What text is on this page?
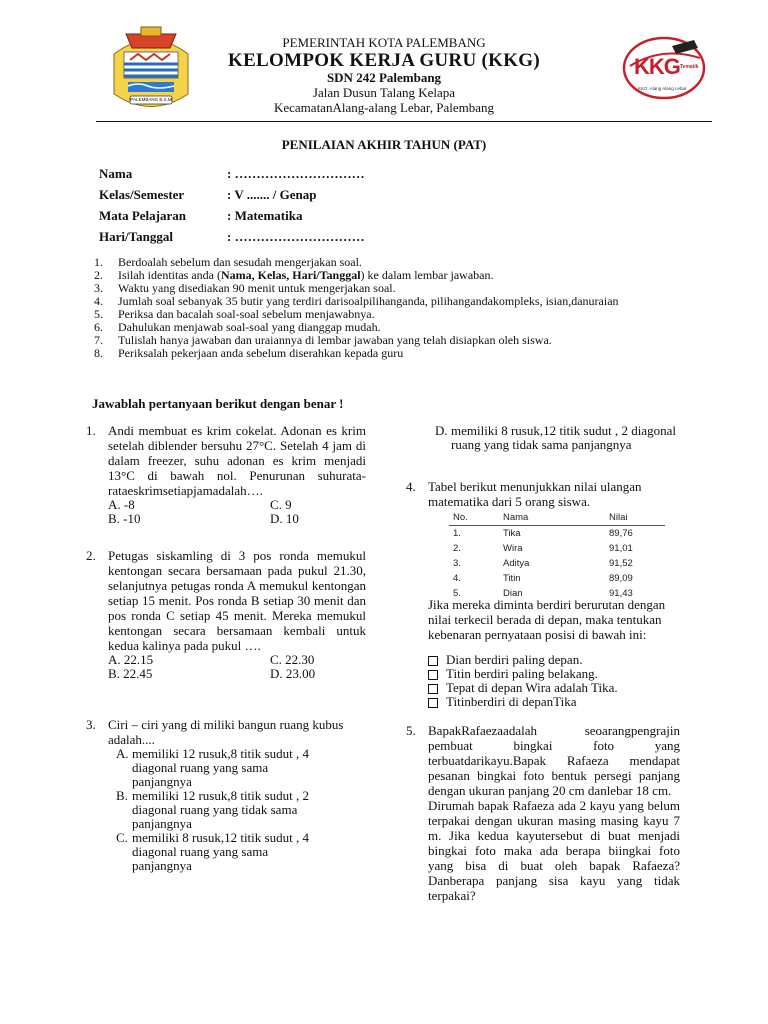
PALEMBANG B.S.M
PEMERINTAH KOTA PALEMBANG
KELOMPOK KERJA GURU (KKG)
SDN 242 Palembang
Jalan Dusun Talang Kelapa
KecamatanAlang-alang Lebar, Palembang
KKG Tematik
KKG. Alang Alang Lebar
PENILAIAN AKHIR TAHUN (PAT)
Nama	: …………………………
Kelas/Semester	: V ....... / Genap
Mata Pelajaran	: Matematika
Hari/Tanggal	: …………………………
1. Berdoalah sebelum dan sesudah mengerjakan soal.
2. Isilah identitas anda (Nama, Kelas, Hari/Tanggal) ke dalam lembar jawaban.
3. Waktu yang disediakan 90 menit untuk mengerjakan soal.
4. Jumlah soal sebanyak 35 butir yang terdiri darisoalpilihanganda, pilihangandakompleks, isian,danuraian
5. Periksa dan bacalah soal-soal sebelum menjawabnya.
6. Dahulukan menjawab soal-soal yang dianggap mudah.
7. Tulislah hanya jawaban dan uraiannya di lembar jawaban yang telah disiapkan oleh siswa.
8. Periksalah pekerjaan anda sebelum diserahkan kepada guru
Jawablah pertanyaan berikut dengan benar !
1. Andi membuat es krim cokelat. Adonan es krim setelah diblender bersuhu 27°C. Setelah 4 jam di dalam freezer, suhu adonan es krim menjadi 13°C di bawah nol. Penurunan suhurata-rataeskrimsetiapjamadalah….
A. -8	C. 9
B. -10	D. 10
2. Petugas siskamling di 3 pos ronda memukul kentongan secara bersamaan pada pukul 21.30, selanjutnya petugas ronda A memukul kentongan setiap 15 menit. Pos ronda B setiap 30 menit dan pos ronda C setiap 45 menit. Mereka memukul kentongan secara bersamaan kembali untuk kedua kalinya pada pukul ….
A. 22.15	C. 22.30
B. 22.45	D. 23.00
3. Ciri – ciri yang di miliki bangun ruang kubus adalah....
A. memiliki 12 rusuk,8 titik sudut , 4 diagonal ruang yang sama panjangnya
B. memiliki 12 rusuk,8 titik sudut , 2 diagonal ruang yang tidak sama panjangnya
C. memiliki 8 rusuk,12 titik sudut , 4 diagonal ruang yang sama panjangnya
D. memiliki 8 rusuk,12 titik sudut , 2 diagonal ruang yang tidak sama panjangnya
4. Tabel berikut menunjukkan nilai ulangan matematika dari 5 orang siswa.
No.	Nama	Nilai
1.	Tika	89,76
2.	Wira	91,01
3.	Aditya	91,52
4.	Titin	89,09
5.	Dian	91,43
Jika mereka diminta berdiri berurutan dengan nilai terkecil berada di depan, maka tentukan kebenaran pernyataan posisi di bawah ini:
Dian berdiri paling depan.
Titin berdiri paling belakang.
Tepat di depan Wira adalah Tika.
Titinberdiri di depanTika
5. BapakRafaezaadalah seoarangpengrajin pembuat bingkai foto yang terbuatdarikayu.Bapak Rafaeza mendapat pesanan bingkai foto bentuk persegi panjang dengan ukuran panjang 20 cm danlebar 18 cm.
Dirumah bapak Rafaeza ada 2 kayu yang belum terpakai dengan ukuran masing masing kayu 7 m. Jika kedua kayutersebut di buat menjadi bingkai foto maka ada berapa biingkai foto yang bisa di buat oleh bapak Rafaeza? Danberapa panjang sisa kayu yang tidak terpakai?
